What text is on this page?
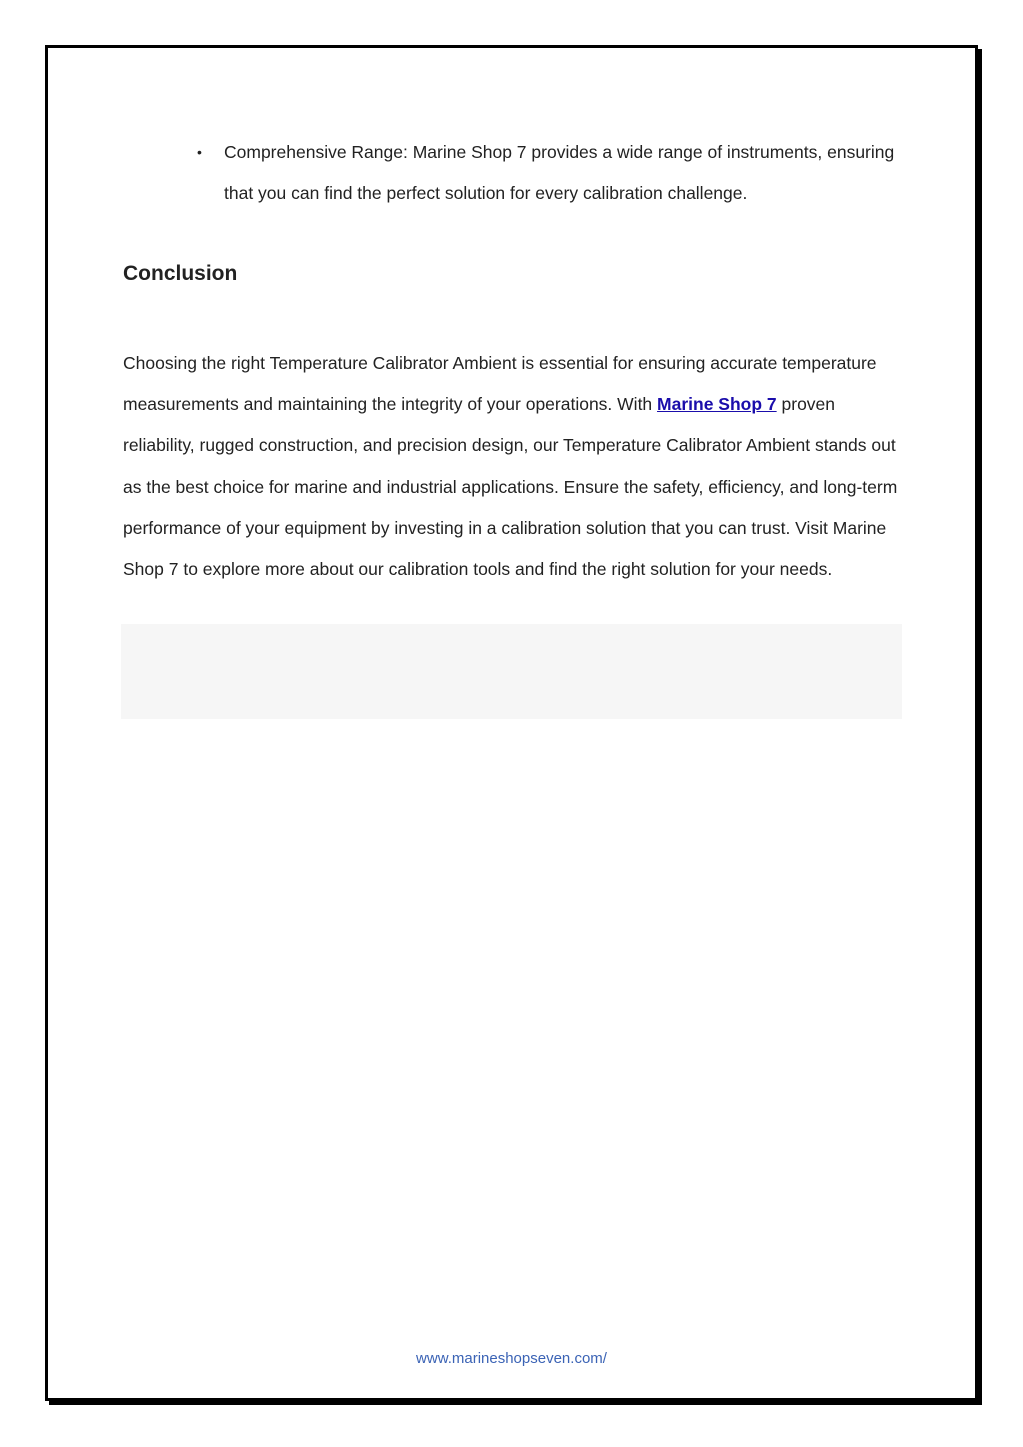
• Comprehensive Range: Marine Shop 7 provides a wide range of instruments, ensuring that you can find the perfect solution for every calibration challenge.
Conclusion

Choosing the right Temperature Calibrator Ambient is essential for ensuring accurate temperature measurements and maintaining the integrity of your operations. With Marine Shop 7 proven reliability, rugged construction, and precision design, our Temperature Calibrator Ambient stands out as the best choice for marine and industrial applications. Ensure the safety, efficiency, and long-term performance of your equipment by investing in a calibration solution that you can trust. Visit Marine Shop 7 to explore more about our calibration tools and find the right solution for your needs.

www.marineshopseven.com/
